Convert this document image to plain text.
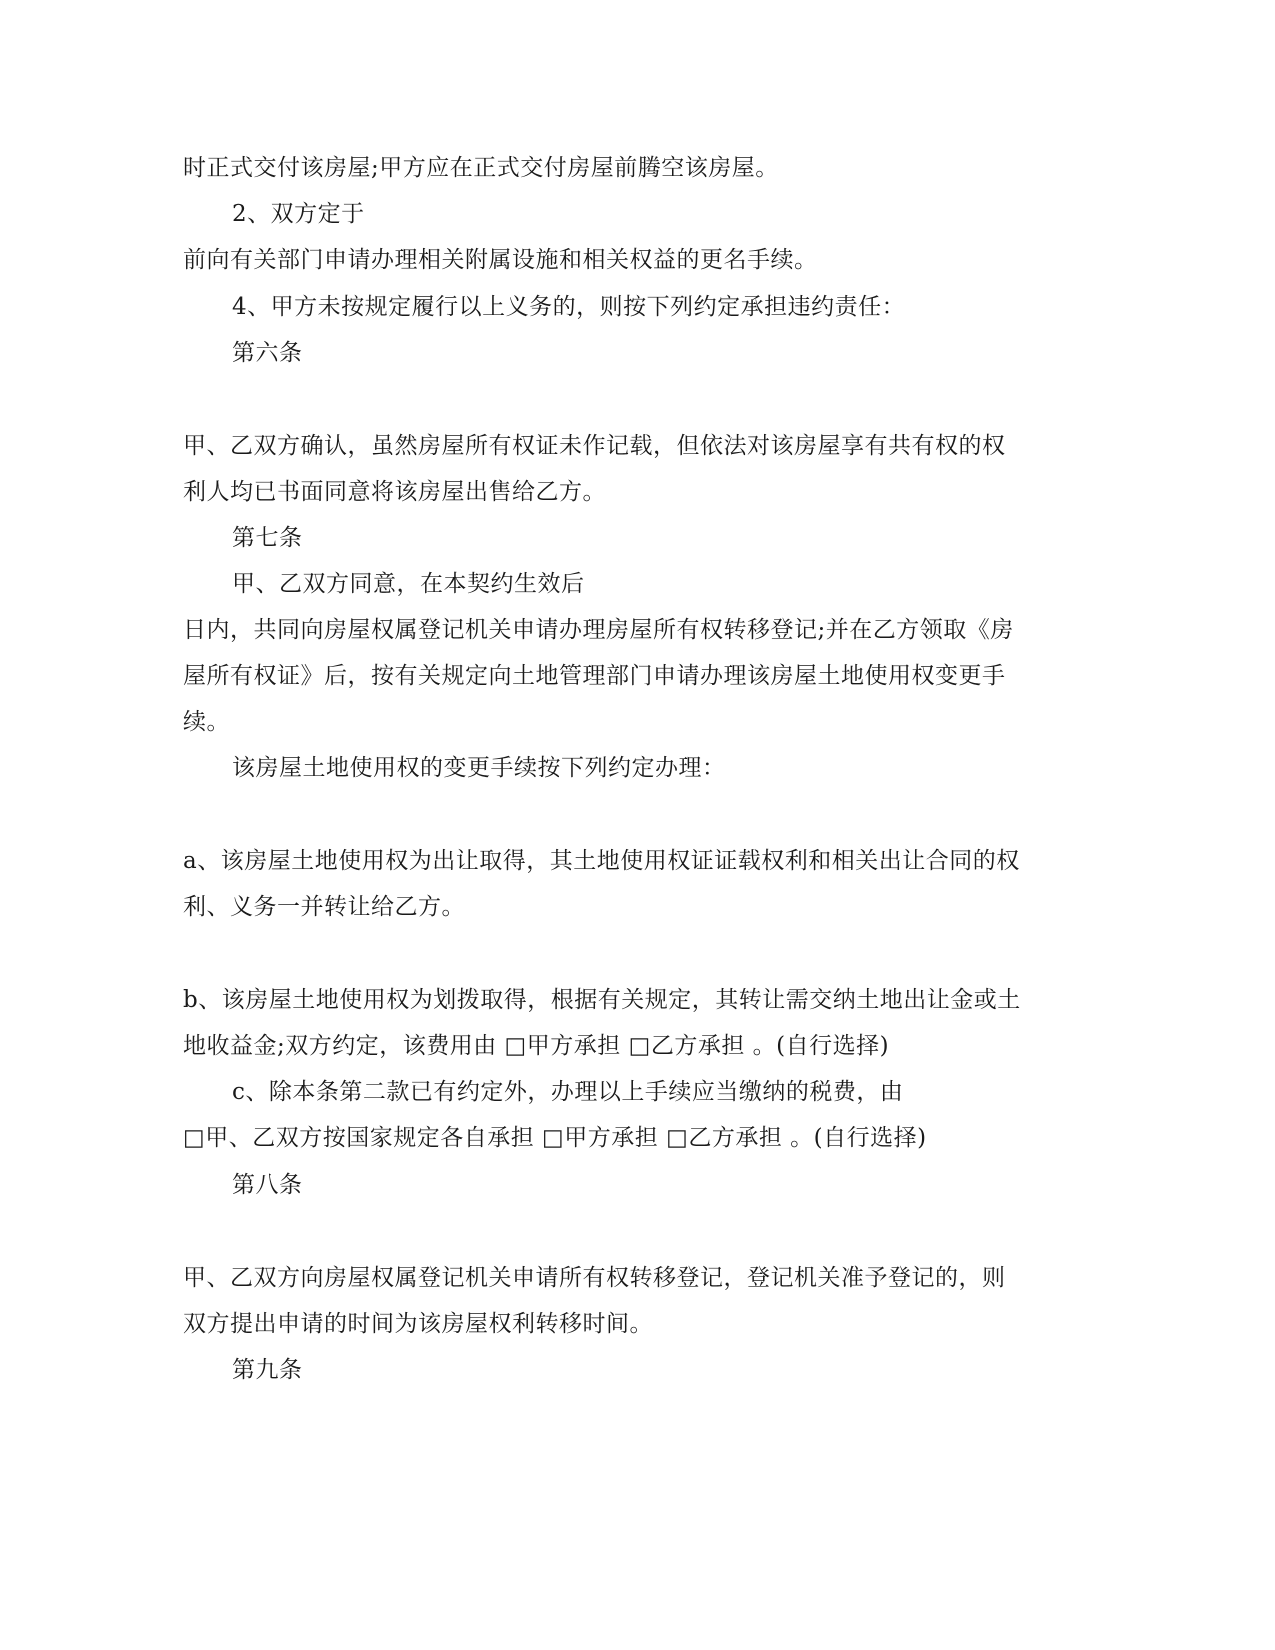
时正式交付该房屋;甲方应在正式交付房屋前腾空该房屋。
2、双方定于
前向有关部门申请办理相关附属设施和相关权益的更名手续。
4、甲方未按规定履行以上义务的，则按下列约定承担违约责任：
第六条
甲、乙双方确认，虽然房屋所有权证未作记载，但依法对该房屋享有共有权的权
利人均已书面同意将该房屋出售给乙方。
第七条
甲、乙双方同意，在本契约生效后
日内，共同向房屋权属登记机关申请办理房屋所有权转移登记;并在乙方领取《房
屋所有权证》后，按有关规定向土地管理部门申请办理该房屋土地使用权变更手
续。
该房屋土地使用权的变更手续按下列约定办理：
a、该房屋土地使用权为出让取得，其土地使用权证证载权利和相关出让合同的权
利、义务一并转让给乙方。
b、该房屋土地使用权为划拨取得，根据有关规定，其转让需交纳土地出让金或土
地收益金;双方约定，该费用由 □甲方承担 □乙方承担 。(自行选择)
c、除本条第二款已有约定外，办理以上手续应当缴纳的税费，由
□甲、乙双方按国家规定各自承担 □甲方承担 □乙方承担 。(自行选择)
第八条
甲、乙双方向房屋权属登记机关申请所有权转移登记，登记机关准予登记的，则
双方提出申请的时间为该房屋权利转移时间。
第九条
